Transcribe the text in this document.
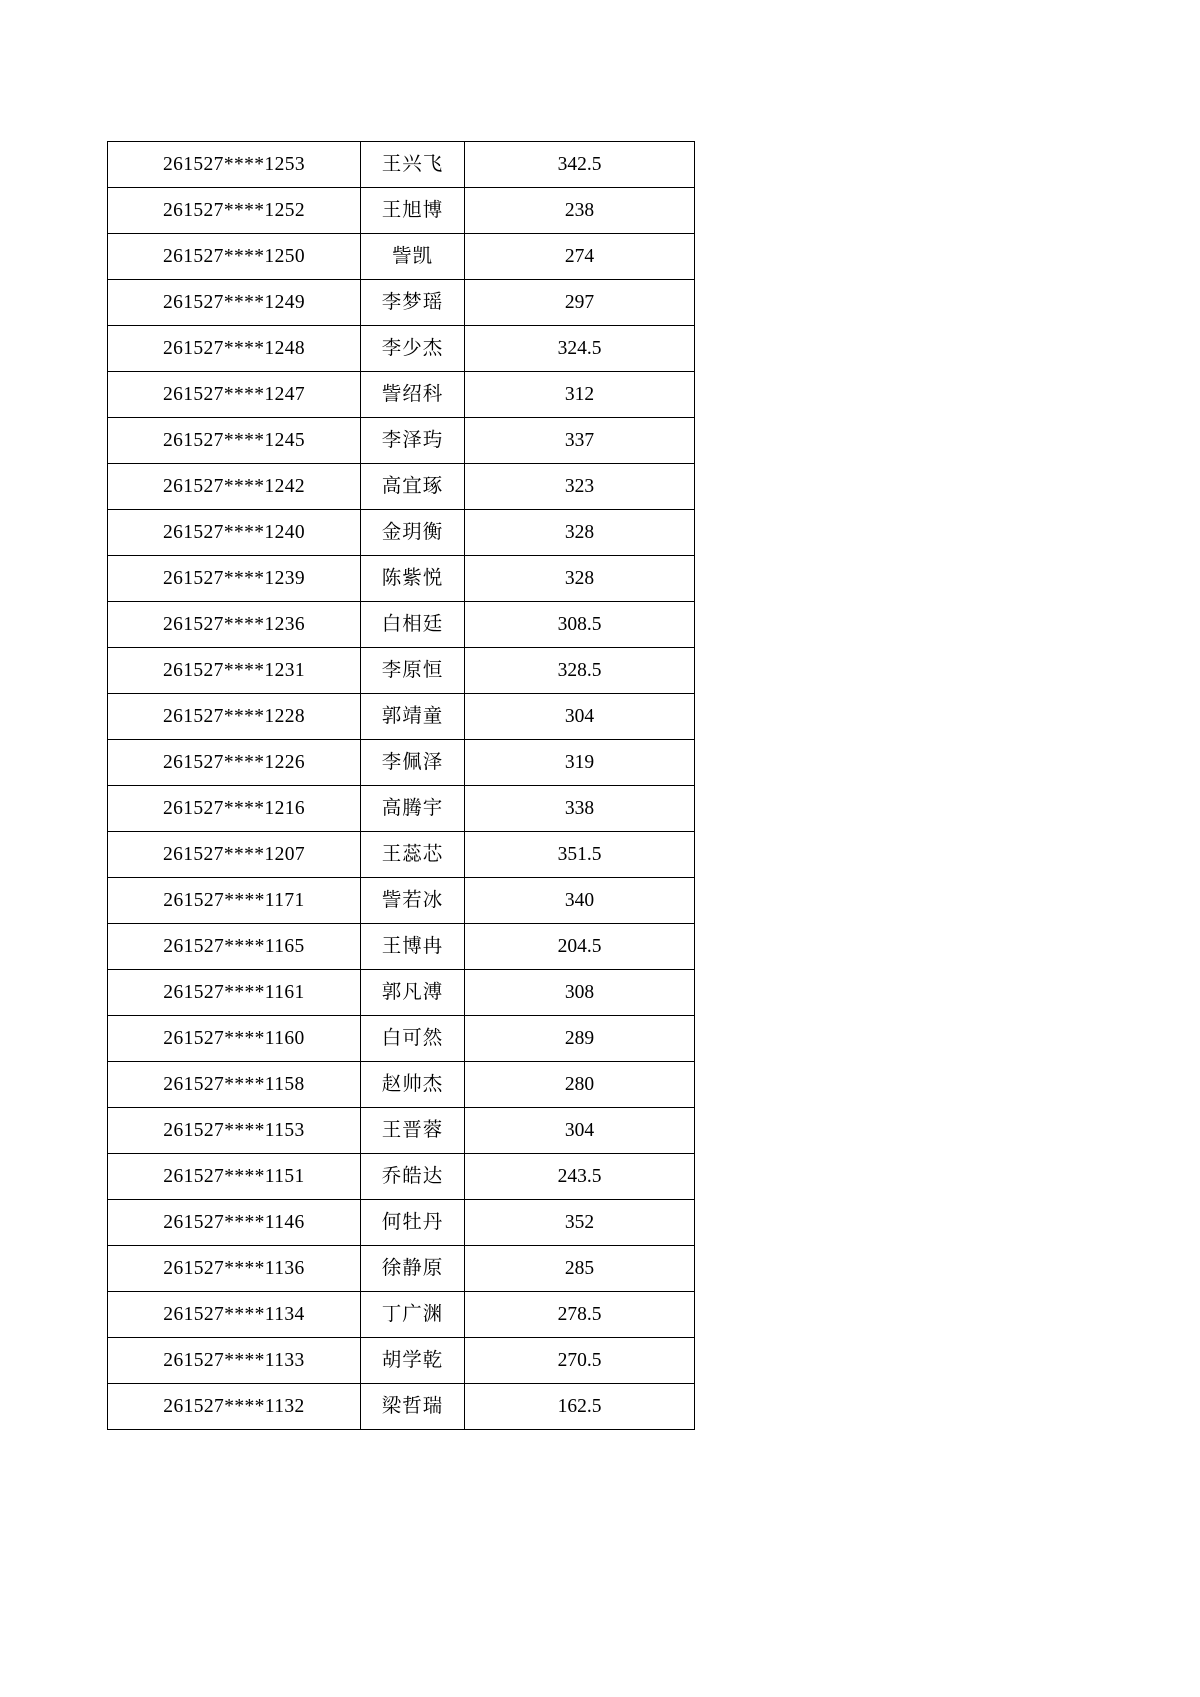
261527****1253	王兴飞	342.5
261527****1252	王旭博	238
261527****1250	訾凯	274
261527****1249	李梦瑶	297
261527****1248	李少杰	324.5
261527****1247	訾绍科	312
261527****1245	李泽玙	337
261527****1242	高宜琢	323
261527****1240	金玥衡	328
261527****1239	陈紫悦	328
261527****1236	白相廷	308.5
261527****1231	李原恒	328.5
261527****1228	郭靖童	304
261527****1226	李佩泽	319
261527****1216	高腾宇	338
261527****1207	王蕊芯	351.5
261527****1171	訾若冰	340
261527****1165	王博冉	204.5
261527****1161	郭凡溥	308
261527****1160	白可然	289
261527****1158	赵帅杰	280
261527****1153	王晋蓉	304
261527****1151	乔皓达	243.5
261527****1146	何牡丹	352
261527****1136	徐静原	285
261527****1134	丁广渊	278.5
261527****1133	胡学乾	270.5
261527****1132	梁哲瑞	162.5
